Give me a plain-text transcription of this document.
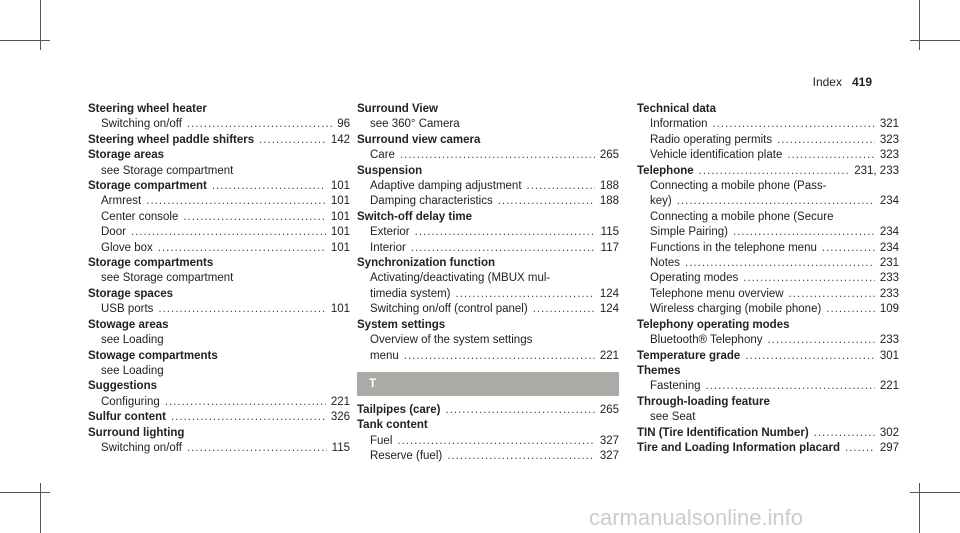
Index 419
Steering wheel heater
Switching on/off .....	96
Steering wheel paddle shifters .....	142
Storage areas
see Storage compartment
Storage compartment .....	101
Armrest .....	101
Center console .....	101
Door .....	101
Glove box .....	101
Storage compartments
see Storage compartment
Storage spaces
USB ports .....	101
Stowage areas
see Loading
Stowage compartments
see Loading
Suggestions
Configuring .....	221
Sulfur content .....	326
Surround lighting
Switching on/off .....	115
Surround View
see 360° Camera
Surround view camera
Care .....	265
Suspension
Adaptive damping adjustment .....	188
Damping characteristics .....	188
Switch-off delay time
Exterior .....	115
Interior .....	117
Synchronization function
Activating/deactivating (MBUX mul-
timedia system) .....	124
Switching on/off (control panel) .....	124
System settings
Overview of the system settings
menu .....	221
T
Tailpipes (care) .....	265
Tank content
Fuel .....	327
Reserve (fuel) .....	327
Technical data
Information .....	321
Radio operating permits .....	323
Vehicle identification plate .....	323
Telephone .....	231, 233
Connecting a mobile phone (Pass-
key) .....	234
Connecting a mobile phone (Secure
Simple Pairing) .....	234
Functions in the telephone menu .....	234
Notes .....	231
Operating modes .....	233
Telephone menu overview .....	233
Wireless charging (mobile phone) .....	109
Telephony operating modes
Bluetooth® Telephony .....	233
Temperature grade .....	301
Themes
Fastening .....	221
Through-loading feature
see Seat
TIN (Tire Identification Number) .....	302
Tire and Loading Information placard .....	297
carmanualsonline.info
